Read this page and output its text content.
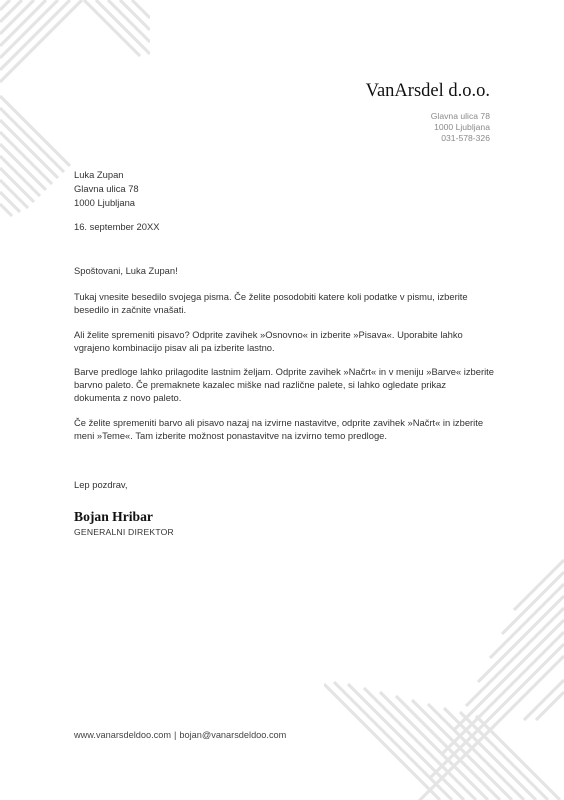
VanArsdel d.o.o.
Glavna ulica 78
1000 Ljubljana
031-578-326
Luka Zupan
Glavna ulica 78
1000 Ljubljana
16. september 20XX

Spoštovani, Luka Zupan!

Tukaj vnesite besedilo svojega pisma. Če želite posodobiti katere koli podatke v pismu, izberite besedilo in začnite vnašati.

Ali želite spremeniti pisavo? Odprite zavihek »Osnovno« in izberite »Pisava«. Uporabite lahko vgrajeno kombinacijo pisav ali pa izberite lastno.

Barve predloge lahko prilagodite lastnim željam. Odprite zavihek »Načrt« in v meniju »Barve« izberite barvno paleto. Če premaknete kazalec miške nad različne palete, si lahko ogledate prikaz dokumenta z novo paleto.

Če želite spremeniti barvo ali pisavo nazaj na izvirne nastavitve, odprite zavihek »Načrt« in izberite meni »Teme«. Tam izberite možnost ponastavitve na izvirno temo predloge.

Lep pozdrav,
Bojan Hribar
GENERALNI DIREKTOR
www.vanarsdeldoo.com | bojan@vanarsdeldoo.com
